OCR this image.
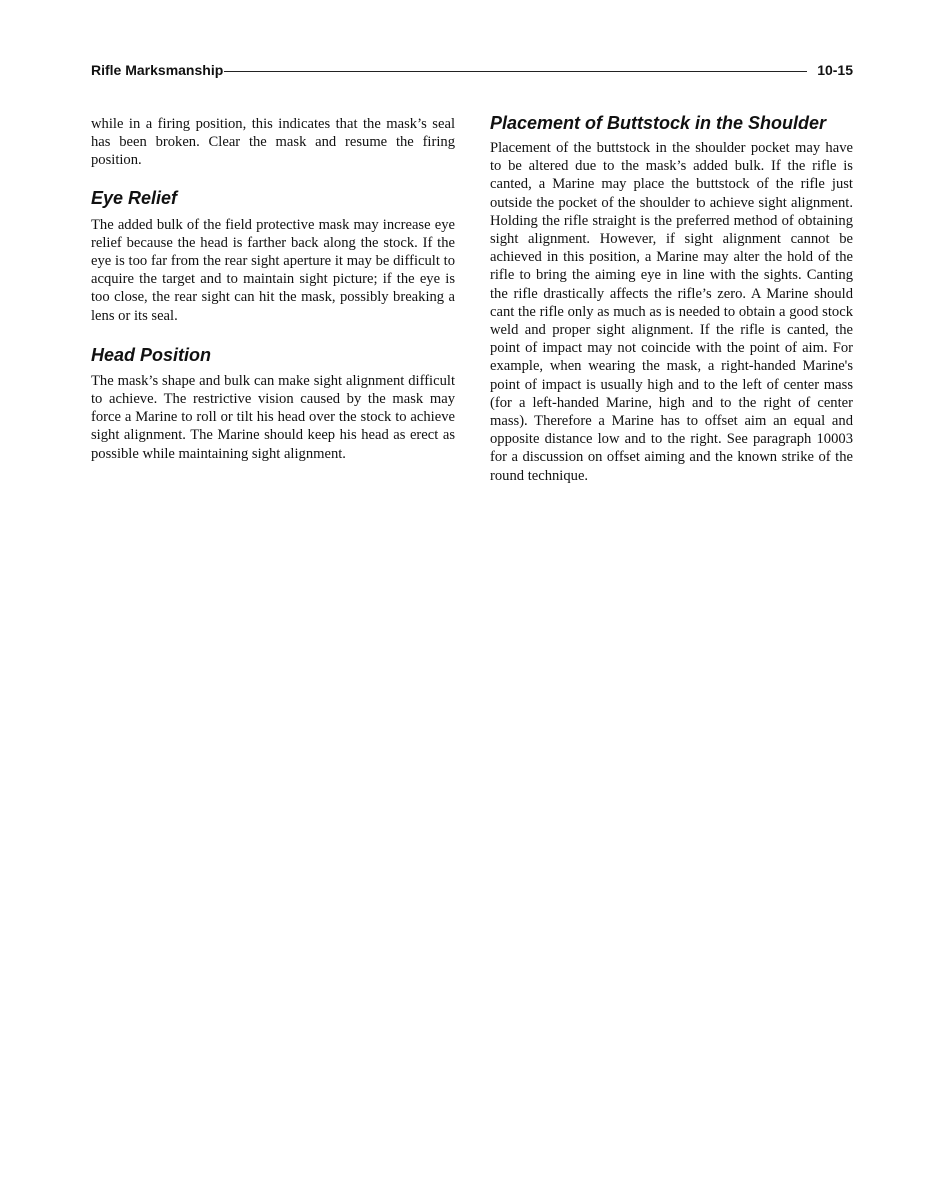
Rifle Marksmanship	10-15

while in a firing position, this indicates that the mask’s seal has been broken. Clear the mask and resume the firing position.

Eye Relief

The added bulk of the field protective mask may increase eye relief because the head is farther back along the stock. If the eye is too far from the rear sight aperture it may be difficult to acquire the target and to maintain sight picture; if the eye is too close, the rear sight can hit the mask, possibly breaking a lens or its seal.

Head Position

The mask’s shape and bulk can make sight alignment difficult to achieve. The restrictive vision caused by the mask may force a Marine to roll or tilt his head over the stock to achieve sight alignment. The Marine should keep his head as erect as possible while maintaining sight alignment.

Placement of Buttstock in the Shoulder

Placement of the buttstock in the shoulder pocket may have to be altered due to the mask’s added bulk. If the rifle is canted, a Marine may place the buttstock of the rifle just outside the pocket of the shoulder to achieve sight alignment. Holding the rifle straight is the preferred method of obtaining sight alignment. However, if sight alignment cannot be achieved in this position, a Marine may alter the hold of the rifle to bring the aiming eye in line with the sights. Canting the rifle drastically affects the rifle’s zero. A Marine should cant the rifle only as much as is needed to obtain a good stock weld and proper sight alignment. If the rifle is canted, the point of impact may not coincide with the point of aim. For example, when wearing the mask, a right-handed Marine's point of impact is usually high and to the left of center mass (for a left-handed Marine, high and to the right of center mass). Therefore a Marine has to offset aim an equal and opposite distance low and to the right. See paragraph 10003 for a discussion on offset aiming and the known strike of the round technique.
